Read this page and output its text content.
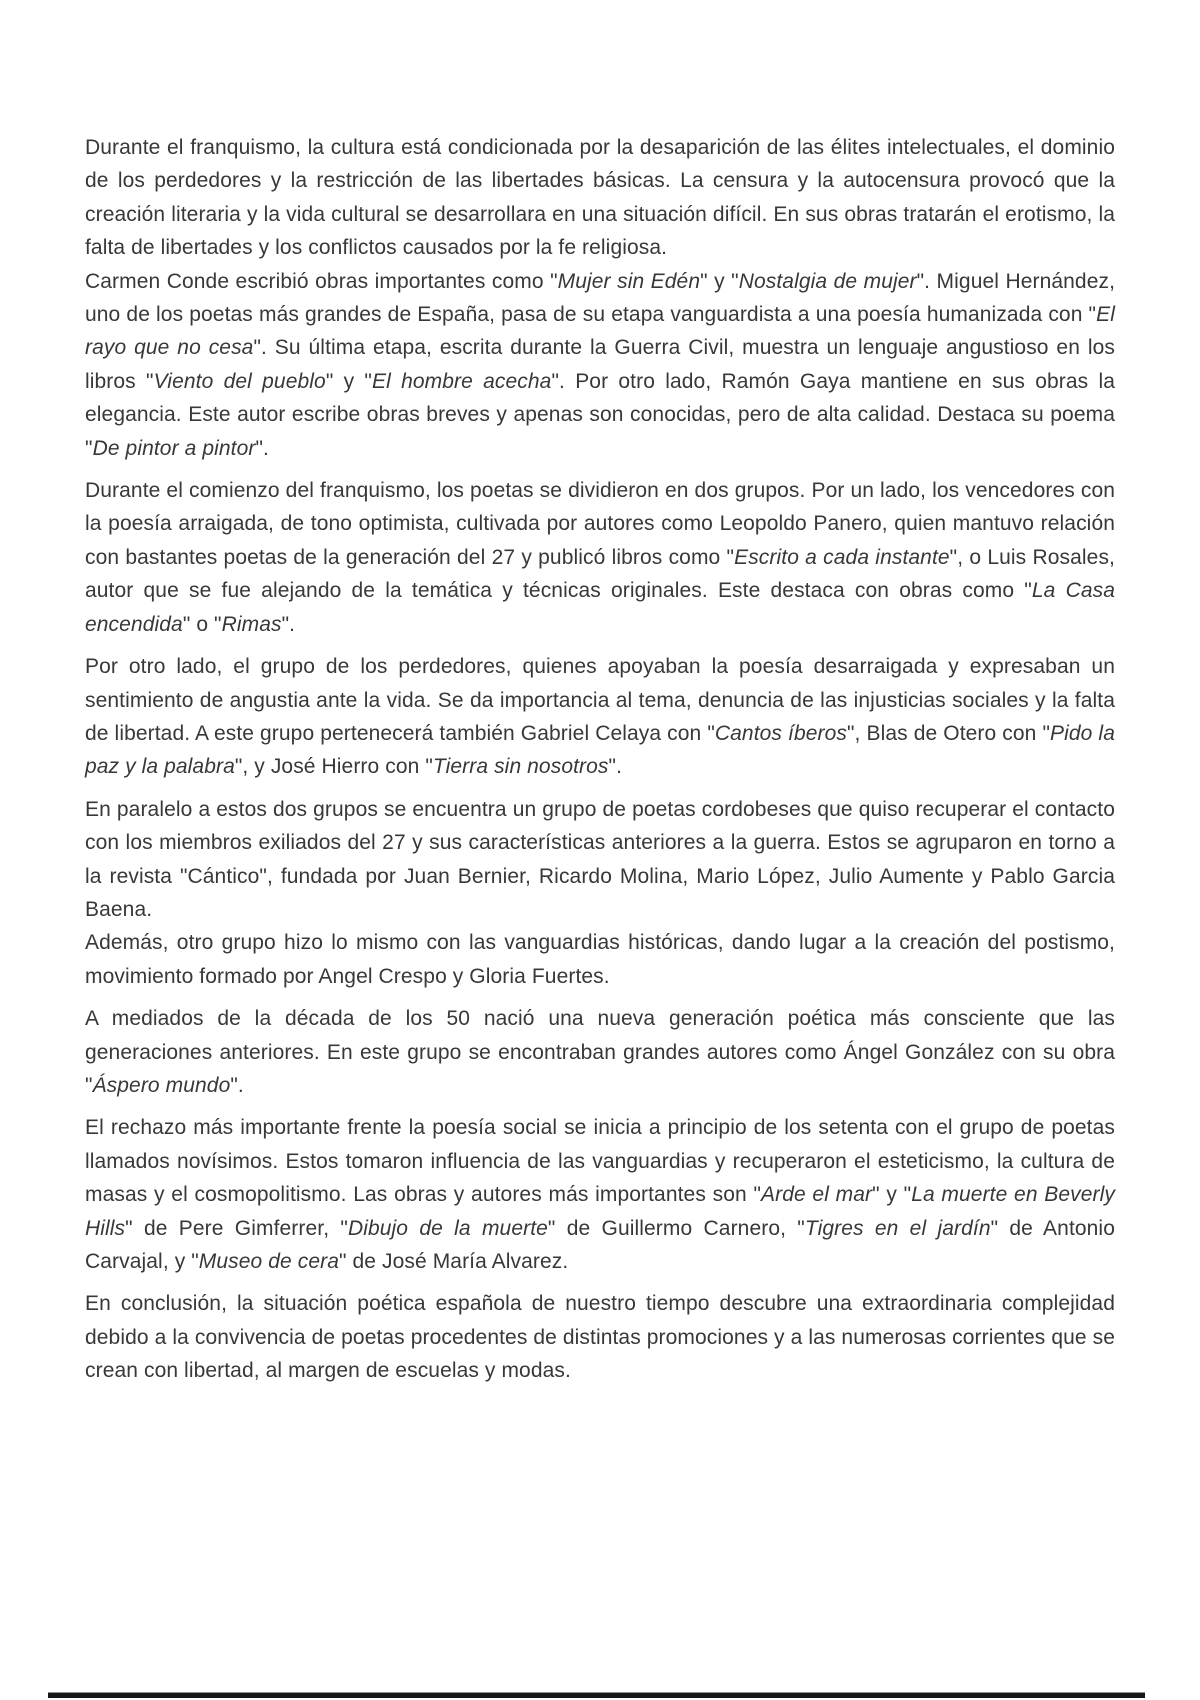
Durante el franquismo, la cultura está condicionada por la desaparición de las élites intelectuales, el dominio de los perdedores y la restricción de las libertades básicas. La censura y la autocensura provocó que la creación literaria y la vida cultural se desarrollara en una situación difícil. En sus obras tratarán el erotismo, la falta de libertades y los conflictos causados por la fe religiosa.

Carmen Conde escribió obras importantes como "Mujer sin Edén" y "Nostalgia de mujer". Miguel Hernández, uno de los poetas más grandes de España, pasa de su etapa vanguardista a una poesía humanizada con "El rayo que no cesa". Su última etapa, escrita durante la Guerra Civil, muestra un lenguaje angustioso en los libros "Viento del pueblo" y "El hombre acecha". Por otro lado, Ramón Gaya mantiene en sus obras la elegancia. Este autor escribe obras breves y apenas son conocidas, pero de alta calidad. Destaca su poema "De pintor a pintor".

Durante el comienzo del franquismo, los poetas se dividieron en dos grupos. Por un lado, los vencedores con la poesía arraigada, de tono optimista, cultivada por autores como Leopoldo Panero, quien mantuvo relación con bastantes poetas de la generación del 27 y publicó libros como "Escrito a cada instante", o Luis Rosales, autor que se fue alejando de la temática y técnicas originales. Este destaca con obras como "La Casa encendida" o "Rimas".

Por otro lado, el grupo de los perdedores, quienes apoyaban la poesía desarraigada y expresaban un sentimiento de angustia ante la vida. Se da importancia al tema, denuncia de las injusticias sociales y la falta de libertad. A este grupo pertenecerá también Gabriel Celaya con "Cantos íberos", Blas de Otero con "Pido la paz y la palabra", y José Hierro con "Tierra sin nosotros".

En paralelo a estos dos grupos se encuentra un grupo de poetas cordobeses que quiso recuperar el contacto con los miembros exiliados del 27 y sus características anteriores a la guerra. Estos se agruparon en torno a la revista "Cántico", fundada por Juan Bernier, Ricardo Molina, Mario López, Julio Aumente y Pablo Garcia Baena.

Además, otro grupo hizo lo mismo con las vanguardias históricas, dando lugar a la creación del postismo, movimiento formado por Angel Crespo y Gloria Fuertes.

A mediados de la década de los 50 nació una nueva generación poética más consciente que las generaciones anteriores. En este grupo se encontraban grandes autores como Ángel González con su obra "Áspero mundo".

El rechazo más importante frente la poesía social se inicia a principio de los setenta con el grupo de poetas llamados novísimos. Estos tomaron influencia de las vanguardias y recuperaron el esteticismo, la cultura de masas y el cosmopolitismo. Las obras y autores más importantes son "Arde el mar" y "La muerte en Beverly Hills" de Pere Gimferrer, "Dibujo de la muerte" de Guillermo Carnero, "Tigres en el jardín" de Antonio Carvajal, y "Museo de cera" de José María Alvarez.

En conclusión, la situación poética española de nuestro tiempo descubre una extraordinaria complejidad debido a la convivencia de poetas procedentes de distintas promociones y a las numerosas corrientes que se crean con libertad, al margen de escuelas y modas.
